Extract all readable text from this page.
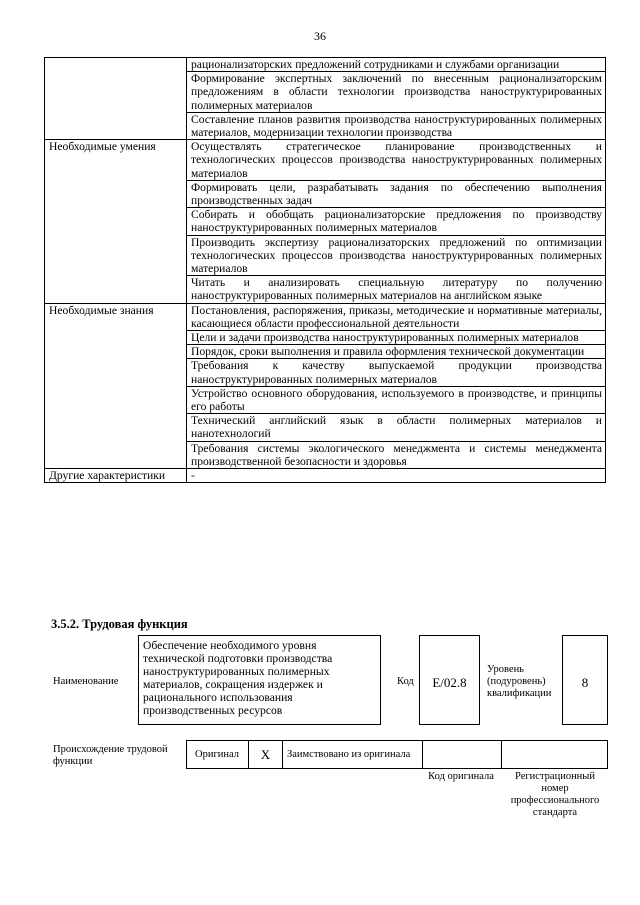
36
	рационализаторских предложений сотрудниками и службами организации
	Формирование экспертных заключений по внесенным рационализаторским предложениям в области технологии производства наноструктурированных полимерных материалов
	Составление планов развития производства наноструктурированных полимерных материалов, модернизации технологии производства
Необходимые умения	Осуществлять стратегическое планирование производственных и технологических процессов производства наноструктурированных полимерных материалов
	Формировать цели, разрабатывать задания по обеспечению выполнения производственных задач
	Собирать и обобщать рационализаторские предложения по производству наноструктурированных полимерных материалов
	Производить экспертизу рационализаторских предложений по оптимизации технологических процессов производства наноструктурированных полимерных материалов
	Читать и анализировать специальную литературу по получению наноструктурированных полимерных материалов на английском языке
Необходимые знания	Постановления, распоряжения, приказы, методические и нормативные материалы, касающиеся области профессиональной деятельности
	Цели и задачи производства наноструктурированных полимерных материалов
	Порядок, сроки выполнения и правила оформления технической документации
	Требования к качеству выпускаемой продукции производства наноструктурированных полимерных материалов
	Устройство основного оборудования, используемого в производстве, и принципы его работы
	Технический английский язык в области полимерных материалов и нанотехнологий
	Требования системы экологического менеджмента и системы менеджмента производственной безопасности и здоровья
Другие характеристики	-
3.5.2. Трудовая функция
Наименование
Обеспечение необходимого уровня технической подготовки производства наноструктурированных полимерных материалов, сокращения издержек и рационального использования производственных ресурсов
Код	E/02.8
Уровень (подуровень) квалификации
8
Происхождение трудовой функции
Оригинал	X	Заимствовано из оригинала
Код оригинала	Регистрационный номер профессионального стандарта
